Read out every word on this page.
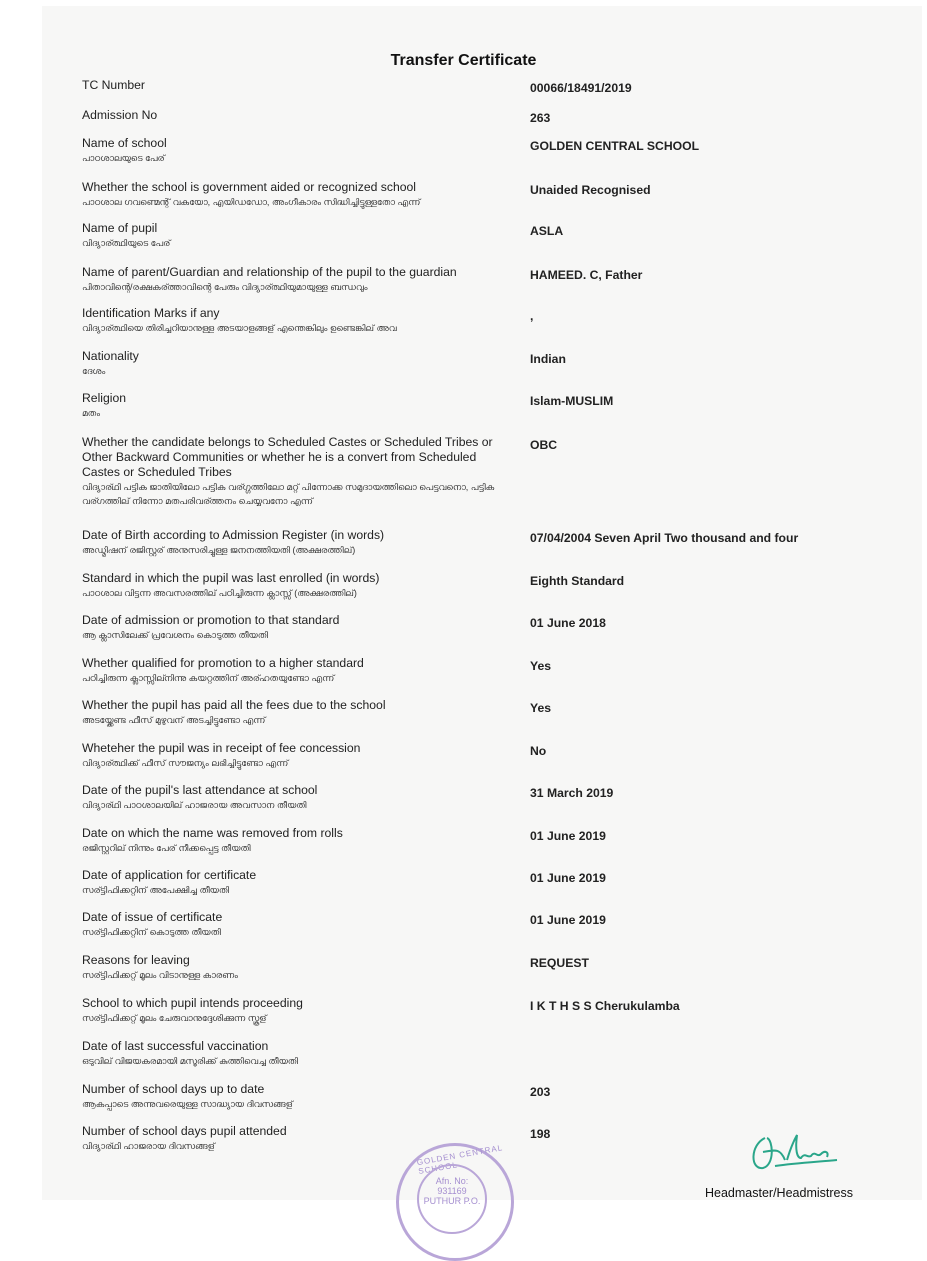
Transfer Certificate
TC Number	00066/18491/2019
Admission No	263
Name of school
പാഠശാലയുടെ പേര്
GOLDEN CENTRAL SCHOOL
Whether the school is government aided or recognized school
പാഠശാല ഗവണ്മെന്റ് വകയോ, എയിഡഡോ, അംഗീകാരം സിദ്ധിച്ചിട്ടുള്ളതോ എന്ന്
Unaided Recognised
Name of pupil
വിദ്യാര്ത്ഥിയുടെ പേര്
ASLA
Name of parent/Guardian and relationship of the pupil to the guardian
പിതാവിന്റെ/രക്ഷകര്ത്താവിന്റെ പേരും വിദ്യാര്ത്ഥിയുമായുള്ള ബന്ധവും
HAMEED. C, Father
Identification Marks if any
വിദ്യാര്ത്ഥിയെ തിരിച്ചറിയാനുള്ള അടയാളങ്ങള് എന്തെങ്കിലും ഉണ്ടെങ്കില് അവ
,
Nationality
ദേശം
Indian
Religion
മതം
Islam-MUSLIM
Whether the candidate belongs to Scheduled Castes or Scheduled Tribes or Other Backward Communities or whether he is a convert from Scheduled Castes or Scheduled Tribes
വിദ്യാര്ഥി പട്ടിക ജാതിയിലോ പട്ടിക വര്ഗ്ഗത്തിലോ മറ്റ് പിന്നോക്ക സമുദായത്തിലൊ പെട്ടവനൊ, പട്ടിക വര്ഗത്തില് നിന്നോ മതപരിവര്ത്തനം ചെയ്യവനോ എന്ന്
OBC
Date of Birth according to Admission Register (in words)
അഡ്മിഷന് രജിസ്റ്റര് അനുസരിച്ചുള്ള ജനനത്തിയതി (അക്ഷരത്തില്)
07/04/2004 Seven April Two thousand and four
Standard in which the pupil was last enrolled (in words)
പാഠശാല വിട്ടന്ന അവസരത്തില് പഠിച്ചിരുന്ന ക്ലാസ്സ് (അക്ഷരത്തില്)
Eighth Standard
Date of admission or promotion to that standard
ആ ക്ലാസിലേക്ക് പ്രവേശനം കൊടുത്ത തീയതി
01 June 2018
Whether qualified for promotion to a higher standard
പഠിച്ചിരുന്ന ക്ലാസ്സില്നിന്നു കയറ്റത്തിന് അര്ഹതയുണ്ടോ എന്ന്
Yes
Whether the pupil has paid all the fees due to the school
അടയ്ക്കേണ്ട ഫീസ് മുഴുവന് അടച്ചിട്ടുണ്ടോ എന്ന്
Yes
Wheteher the pupil was in receipt of fee concession
വിദ്യാര്ത്ഥിക്ക് ഫീസ് സൗജന്യം ലഭിച്ചിട്ടുണ്ടോ എന്ന്
No
Date of the pupil's last attendance at school
വിദ്യാര്ഥി പാഠശാലയില് ഹാജരായ അവസാന തീയതി
31 March 2019
Date on which the name was removed from rolls
രജിസ്റ്ററില് നിന്നും പേര് നീക്കപ്പെട്ട തീയതി
01 June 2019
Date of application for certificate
സര്ട്ടിഫിക്കറ്റിന് അപേക്ഷിച്ച തീയതി
01 June 2019
Date of issue of certificate
സര്ട്ടിഫിക്കറ്റിന് കൊടുത്ത തീയതി
01 June 2019
Reasons for leaving
സര്ട്ടിഫിക്കറ്റ് മൂലം വിടാനുള്ള കാരണം
REQUEST
School to which pupil intends proceeding
സര്ട്ടിഫിക്കറ്റ് മൂലം ചേരുവാനുദ്ദേശിക്കുന്ന സ്കൂള്
I K T H S S Cherukulamba
Date of last successful vaccination
ഒടുവില് വിജയകരമായി മസൂരിക്ക് കുത്തിവെച്ച തീയതി
Number of school days up to date
ആകപ്പാടെ അന്നുവരെയുള്ള സാദ്ധ്യായ ദിവസങ്ങള്
203
Number of school days pupil attended
വിദ്യാര്ഥി ഹാജരായ ദിവസങ്ങള്
198
GOLDEN CENTRAL SCHOOL
Afn. No:
931169
PUTHUR P.O.
Headmaster/Headmistress
